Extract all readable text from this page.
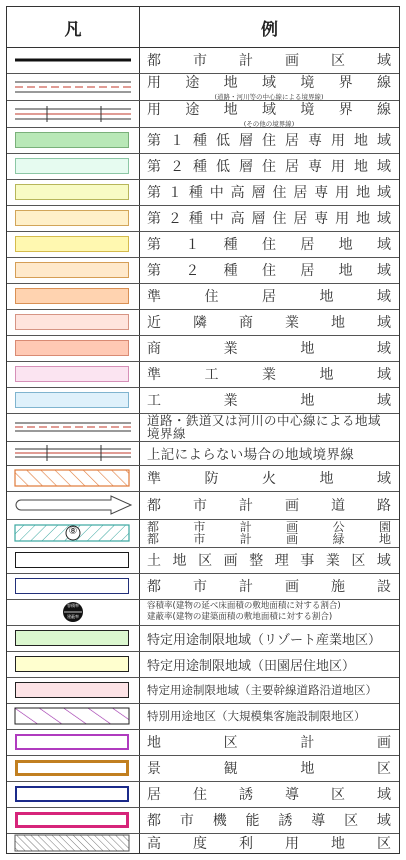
凡	例
都 市 計 画 区 域
用 途 地 域 境 界 線
(道路・河川等の中心線による境界線)
用 途 地 域 境 界 線
(その他の境界線)
第 １ 種 低 層 住 居 専 用 地 域
第 ２ 種 低 層 住 居 専 用 地 域
第 １ 種 中 高 層 住 居 専 用 地 域
第 ２ 種 中 高 層 住 居 専 用 地 域
第 １ 種 住 居 地 域
第 ２ 種 住 居 地 域
準	住	居	地	域
近 隣 商 業 地 域
商	業	地	域
準	工	業	地	域
工	業	地	域
道路・鉄道又は河川の中心線による地域境界線
上記によらない場合の地域境界線
準	防	火	地	域
都 市 計 画 道 路
⑧	都	市	計	画	公	園
都	市	計	画	緑	地
土 地 区 画 整 理 事 業 区 域
都 市 計 画 施 設
容積率
建蔽率
容積率(建物の延べ床面積の敷地面積に対する割合)
建蔽率(建物の建築面積の敷地面積に対する割合)
特定用途制限地域（リゾート産業地区）
特定用途制限地域（田園居住地区）
特定用途制限地域（主要幹線道路沿道地区）
特別用途地区（大規模集客施設制限地区）
地	区	計	画
景	観	地	区
居 住 誘 導 区 域
都 市 機 能 誘 導 区 域
高 度 利 用 地 区
